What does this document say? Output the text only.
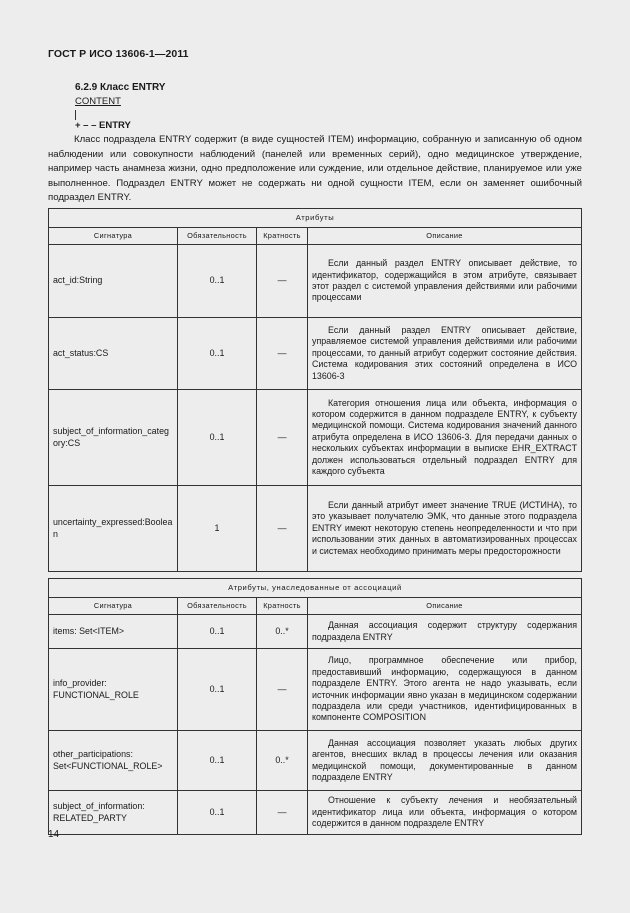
ГОСТ Р ИСО 13606-1—2011
6.2.9 Класс ENTRY
CONTENT
+ – – ENTRY
Класс подраздела ENTRY содержит (в виде сущностей ITEM) информацию, собранную и записанную об одном наблюдении или совокупности наблюдений (панелей или временных серий), одно медицинское утверждение, например часть анамнеза жизни, одно предположение или суждение, или отдельное действие, планируемое или уже выполненное. Подраздел ENTRY может не содержать ни одной сущности ITEM, если он заменяет ошибочный подраздел ENTRY.
Атрибуты			
Сигнатура	Обязательность	Кратность	Описание
act_id:String	0..1	—	Если данный раздел ENTRY описывает действие, то идентификатор, содержащийся в этом атрибуте, связывает этот раздел с системой управления действиями или рабочими процессами
act_status:CS	0..1	—	Если данный раздел ENTRY описывает действие, управляемое системой управления действиями или рабочими процессами, то данный атрибут содержит состояние действия. Система кодирования этих состояний определена в ИСО 13606-3
subject_of_information_category:CS	0..1	—	Категория отношения лица или объекта, информация о котором содержится в данном подразделе ENTRY, к субъекту медицинской помощи. Система кодирования значений данного атрибута определена в ИСО 13606-3. Для передачи данных о нескольких субъектах информации в выписке EHR_EXTRACT должен использоваться отдельный подраздел ENTRY для каждого субъекта
uncertainty_expressed:Boolean	1	—	Если данный атрибут имеет значение TRUE (ИСТИНА), то это указывает получателю ЭМК, что данные этого подраздела ENTRY имеют некоторую степень неопределенности и что при использовании этих данных в автоматизированных процессах и системах необходимо принимать меры предосторожности
Атрибуты, унаследованные от ассоциаций			
Сигнатура	Обязательность	Кратность	Описание
items: Set<ITEM>	0..1	0..*	Данная ассоциация содержит структуру содержания подраздела ENTRY
info_provider: FUNCTIONAL_ROLE	0..1	—	Лицо, программное обеспечение или прибор, предоставивший информацию, содержащуюся в данном подразделе ENTRY. Этого агента не надо указывать, если источник информации явно указан в медицинском содержании подраздела или среди участников, идентифицированных в компоненте COMPOSITION
other_participations: Set<FUNCTIONAL_ROLE>	0..1	0..*	Данная ассоциация позволяет указать любых других агентов, внесших вклад в процессы лечения или оказания медицинской помощи, документированные в данном подразделе ENTRY
subject_of_information: RELATED_PARTY	0..1	—	Отношение к субъекту лечения и необязательный идентификатор лица или объекта, информация о котором содержится в данном подразделе ENTRY
14
